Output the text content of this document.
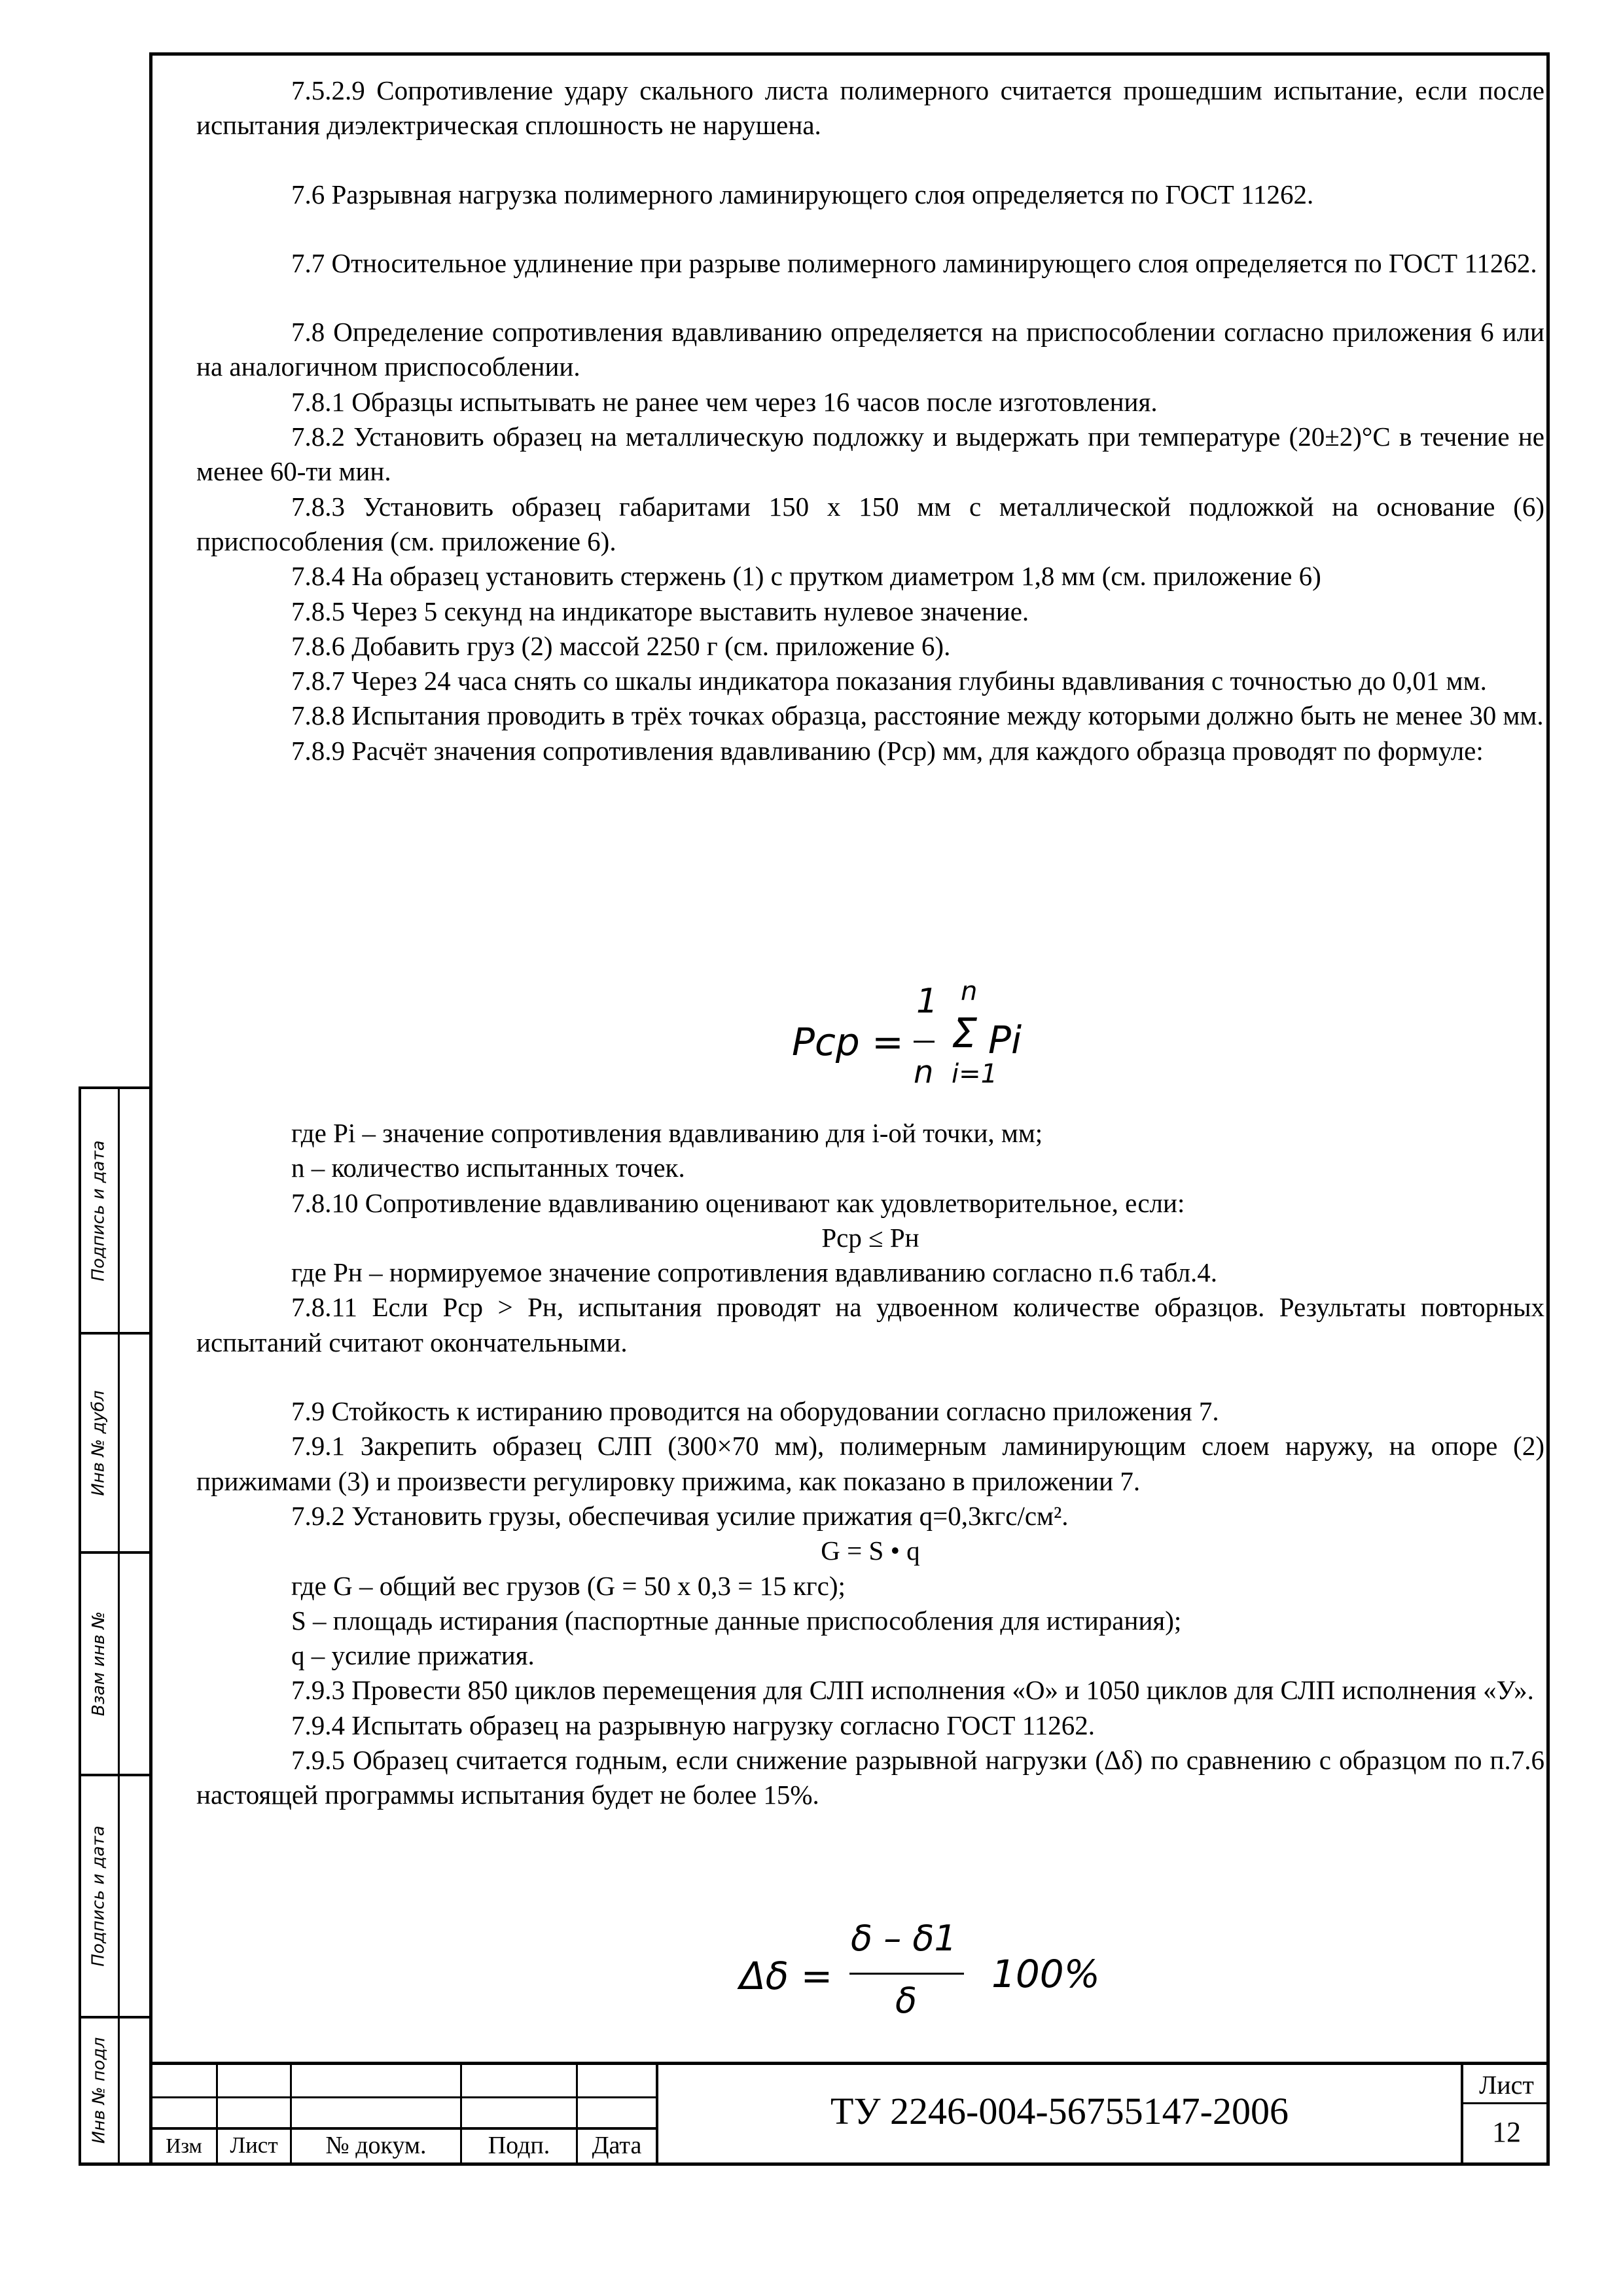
Подпись и дата
Инв № дубл
Взам инв №
Подпись и дата
Инв № подл

7.5.2.9 Сопротивление удару скального листа полимерного считается прошедшим испытание, если после испытания диэлектрическая сплошность не нарушена.

7.6 Разрывная нагрузка полимерного ламинирующего слоя определяется по ГОСТ 11262.

7.7 Относительное удлинение при разрыве полимерного ламинирующего слоя определяется по ГОСТ 11262.

7.8 Определение сопротивления вдавливанию определяется на приспособлении согласно приложения 6 или на аналогичном приспособлении.

7.8.1 Образцы испытывать не ранее чем через 16 часов после изготовления.

7.8.2 Установить образец на металлическую подложку и выдержать при температуре (20±2)°С в течение не менее 60-ти мин.

7.8.3 Установить образец габаритами 150 х 150 мм с металлической подложкой на основание (6) приспособления (см. приложение 6).

7.8.4 На образец установить стержень (1) с прутком диаметром 1,8 мм (см. приложение 6)

7.8.5 Через 5 секунд на индикаторе выставить нулевое значение.

7.8.6 Добавить груз (2) массой 2250 г (см. приложение 6).

7.8.7 Через 24 часа снять со шкалы индикатора показания глубины вдавливания с точностью до 0,01 мм.

7.8.8 Испытания проводить в трёх точках образца, расстояние между которыми должно быть не менее 30 мм.

7.8.9 Расчёт значения сопротивления вдавливанию (Рср) мм, для каждого образца проводят по формуле:

Pср =
1
n
n
Σ
i=1
Pi

где Pi – значение сопротивления вдавливанию для i-ой точки, мм;

n – количество испытанных точек.

7.8.10 Сопротивление вдавливанию оценивают как удовлетворительное, если:

Рср ≤ Рн

где Рн – нормируемое значение сопротивления вдавливанию согласно п.6 табл.4.

7.8.11 Если Рср > Рн, испытания проводят на удвоенном количестве образцов. Результаты повторных испытаний считают окончательными.

7.9 Стойкость к истиранию проводится на оборудовании согласно приложения 7.

7.9.1 Закрепить образец СЛП (300×70 мм), полимерным ламинирующим слоем наружу, на опоре (2) прижимами (3) и произвести регулировку прижима, как показано в приложении 7.

7.9.2 Установить грузы, обеспечивая усилие прижатия q=0,3кгс/см².

G = S • q

где G – общий вес грузов (G = 50 х 0,3 = 15 кгс);

S – площадь истирания (паспортные данные приспособления для истирания);

q – усилие прижатия.

7.9.3 Провести 850 циклов перемещения для СЛП исполнения «О» и 1050 циклов для СЛП исполнения «У».

7.9.4 Испытать образец на разрывную нагрузку согласно ГОСТ 11262.

7.9.5 Образец считается годным, если снижение разрывной нагрузки (Δδ) по сравнению с образцом по п.7.6 настоящей программы испытания будет не более 15%.

Δδ =
δ – δ1
δ
100%
Изм	Лист	№ докум.	Подп.	Дата
ТУ 2246-004-56755147-2006
Лист
12
